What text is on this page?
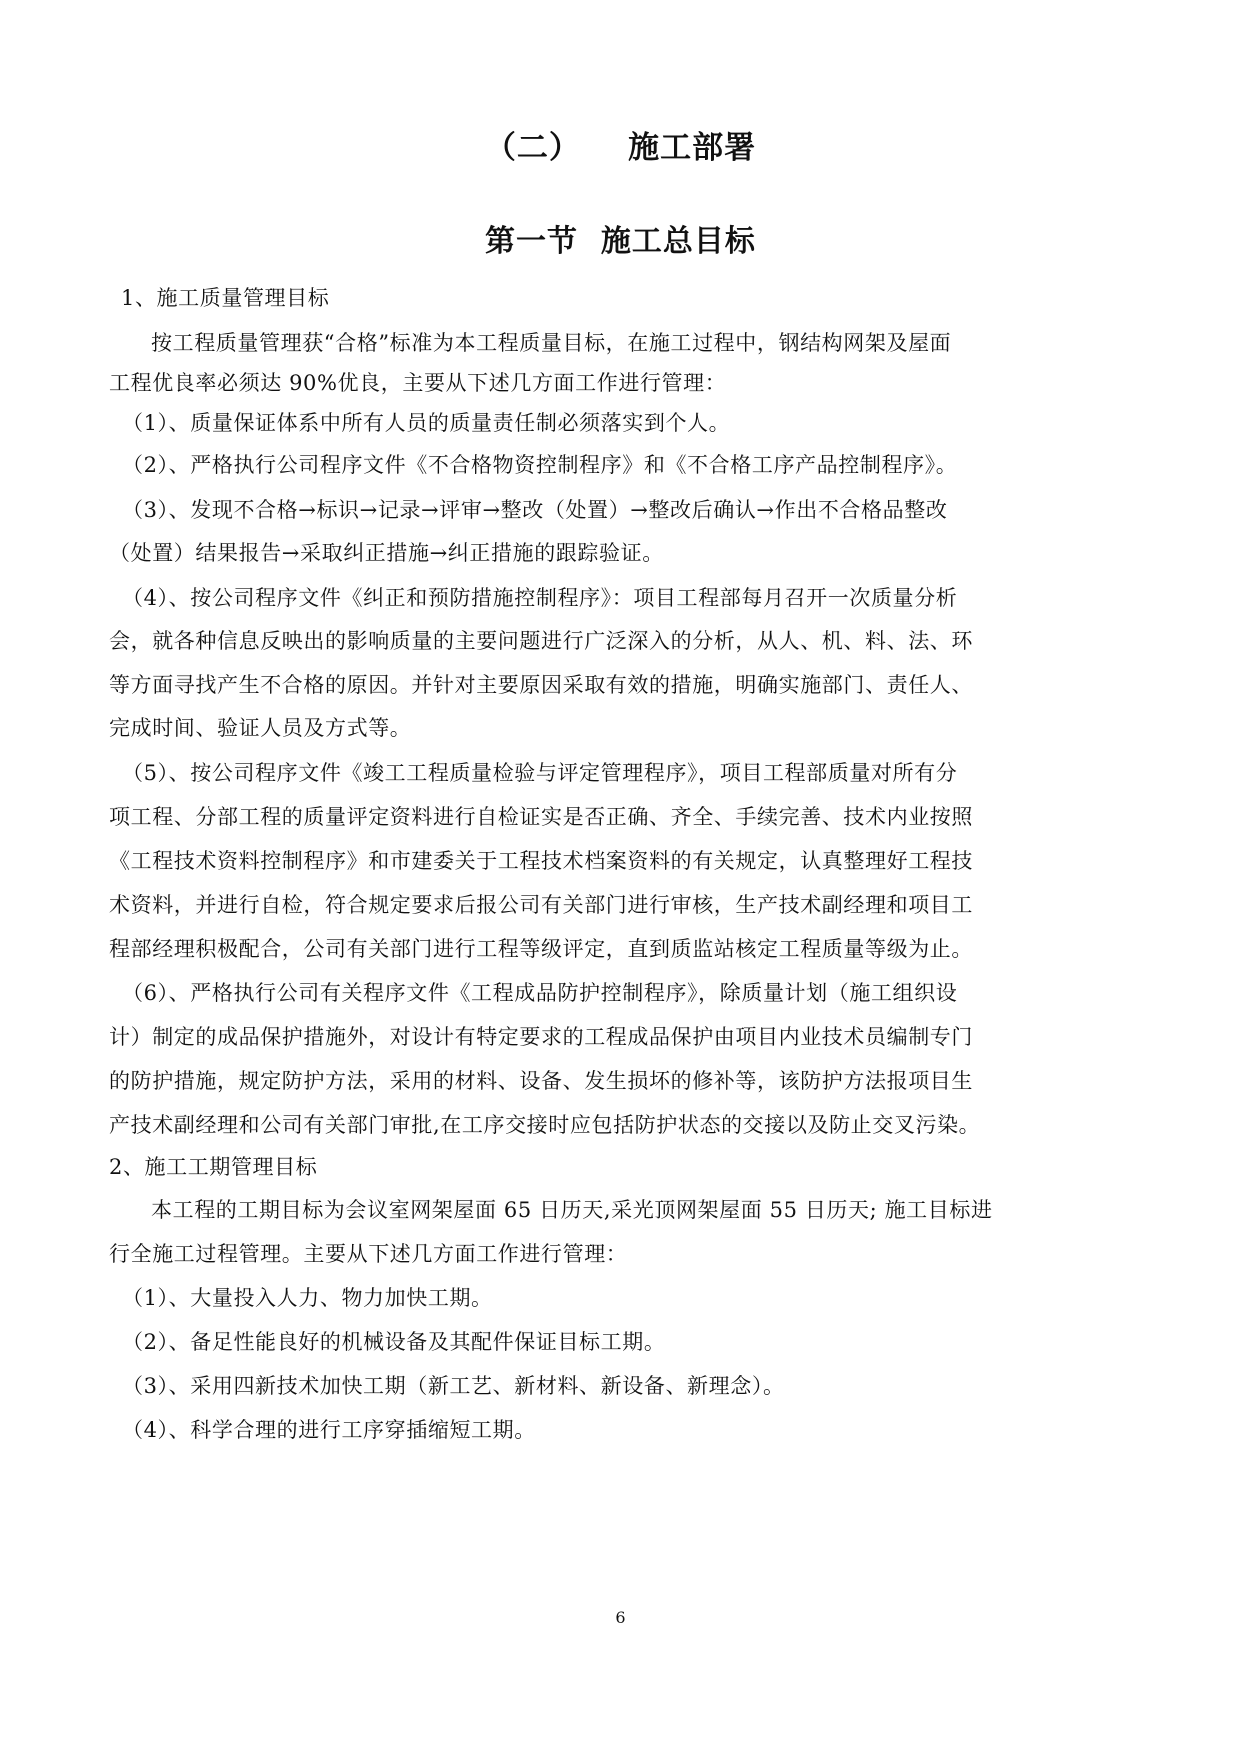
（二）    施工部署
第一节  施工总目标
1、施工质量管理目标
按工程质量管理获“合格”标准为本工程质量目标，在施工过程中，钢结构网架及屋面
工程优良率必须达 90%优良，主要从下述几方面工作进行管理：
（1）、质量保证体系中所有人员的质量责任制必须落实到个人。
（2）、严格执行公司程序文件《不合格物资控制程序》和《不合格工序产品控制程序》。
（3）、发现不合格→标识→记录→评审→整改（处置）→整改后确认→作出不合格品整改
（处置）结果报告→采取纠正措施→纠正措施的跟踪验证。
（4）、按公司程序文件《纠正和预防措施控制程序》：项目工程部每月召开一次质量分析
会，就各种信息反映出的影响质量的主要问题进行广泛深入的分析，从人、机、料、法、环
等方面寻找产生不合格的原因。并针对主要原因采取有效的措施，明确实施部门、责任人、
完成时间、验证人员及方式等。
（5）、按公司程序文件《竣工工程质量检验与评定管理程序》，项目工程部质量对所有分
项工程、分部工程的质量评定资料进行自检证实是否正确、齐全、手续完善、技术内业按照
《工程技术资料控制程序》和市建委关于工程技术档案资料的有关规定，认真整理好工程技
术资料，并进行自检，符合规定要求后报公司有关部门进行审核，生产技术副经理和项目工
程部经理积极配合，公司有关部门进行工程等级评定，直到质监站核定工程质量等级为止。
（6）、严格执行公司有关程序文件《工程成品防护控制程序》，除质量计划（施工组织设
计）制定的成品保护措施外，对设计有特定要求的工程成品保护由项目内业技术员编制专门
的防护措施，规定防护方法，采用的材料、设备、发生损坏的修补等，该防护方法报项目生
产技术副经理和公司有关部门审批,在工序交接时应包括防护状态的交接以及防止交叉污染。
2、施工工期管理目标
本工程的工期目标为会议室网架屋面 65 日历天,采光顶网架屋面 55 日历天; 施工目标进
行全施工过程管理。主要从下述几方面工作进行管理：
（1）、大量投入人力、物力加快工期。
（2）、备足性能良好的机械设备及其配件保证目标工期。
（3）、采用四新技术加快工期（新工艺、新材料、新设备、新理念）。
（4）、科学合理的进行工序穿插缩短工期。
6
